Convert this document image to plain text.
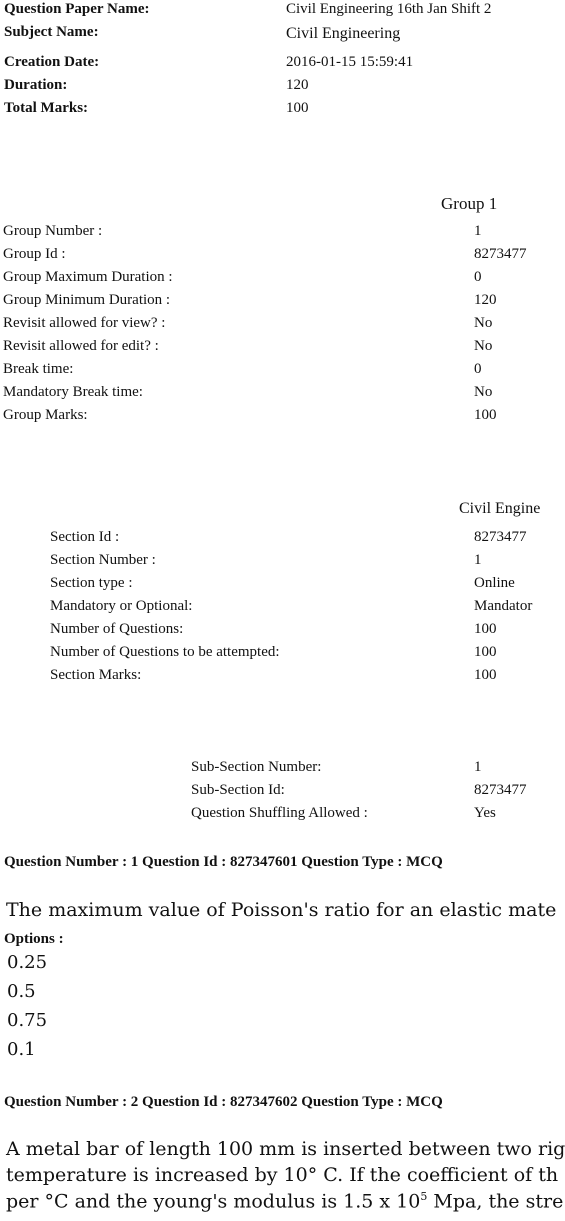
Question Paper Name:	Civil Engineering 16th Jan Shift 2
Subject Name:	Civil Engineering
Creation Date:	2016-01-15 15:59:41
Duration:	120
Total Marks:	100
Group 1
Group Number :	1
Group Id :	8273477
Group Maximum Duration :	0
Group Minimum Duration :	120
Revisit allowed for view? :	No
Revisit allowed for edit? :	No
Break time:	0
Mandatory Break time:	No
Group Marks:	100
Civil Engine
Section Id :	8273477
Section Number :	1
Section type :	Online
Mandatory or Optional:	Mandator
Number of Questions:	100
Number of Questions to be attempted:	100
Section Marks:	100
Sub-Section Number:	1
Sub-Section Id:	8273477
Question Shuffling Allowed :	Yes
Question Number : 1 Question Id : 827347601 Question Type : MCQ
The maximum value of Poisson's ratio for an elastic mate
Options :
0.25
0.5
0.75
0.1
Question Number : 2 Question Id : 827347602 Question Type : MCQ
A metal bar of length 100 mm is inserted between two rig
temperature is increased by 10° C. If the coefficient of th
per °C and the young's modulus is 1.5 x $10^5$ Mpa, the stre
